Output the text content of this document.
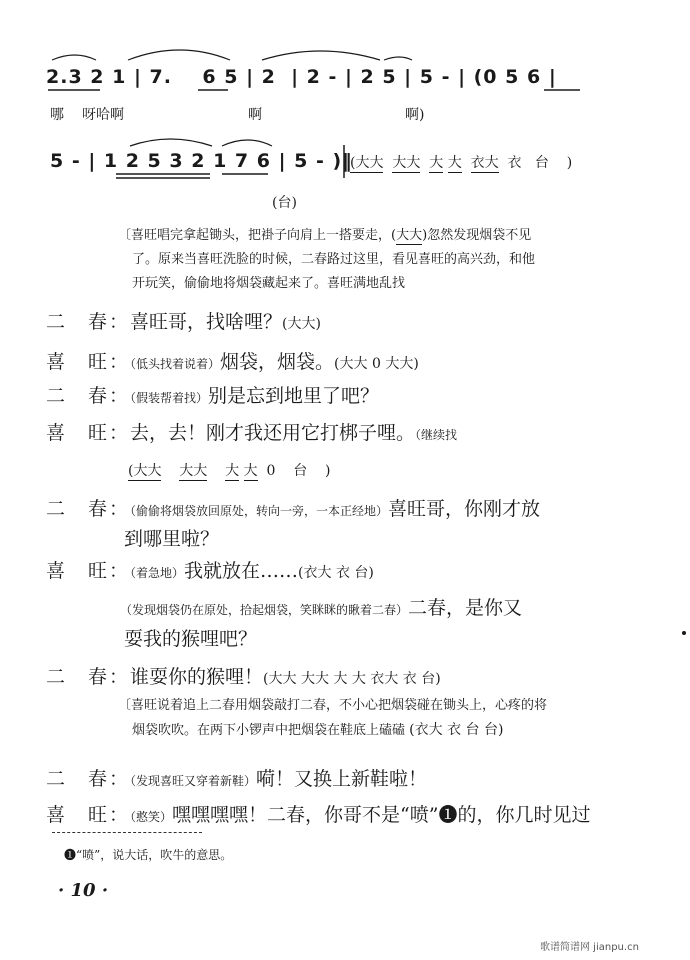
2.3 2 1 | 7.    6 5 | 2  | 2 - | 2 5 | 5 - | (0 5 6 |
哪 呀哈啊	啊	啊)
5 - | 1 2 5 3 2 1 7 6 | 5 - )‖
(大大 大大 大 大 衣大 衣 台 )
(台)
〔喜旺唱完拿起锄头，把褂子向肩上一搭要走，(大大)忽然发现烟袋不见
了。原来当喜旺洗脸的时候，二春路过这里，看见喜旺的高兴劲，和他
开玩笑，偷偷地将烟袋藏起来了。喜旺满地乱找
二　春：喜旺哥，找啥哩？(大大)
喜　旺：（低头找着说着）烟袋，烟袋。(大大 0 大大)
二　春：（假装帮着找）别是忘到地里了吧？
喜　旺：去，去！刚才我还用它打梆子哩。（继续找
(大大 大大 大 大 0 台 )
二　春：（偷偷将烟袋放回原处，转向一旁，一本正经地）喜旺哥，你刚才放
到哪里啦？
喜　旺：（着急地）我就放在……(衣大 衣 台)
（发现烟袋仍在原处，拾起烟袋，笑眯眯的瞅着二春）二春，是你又
耍我的猴哩吧？
二　春：谁耍你的猴哩！(大大 大大 大 大 衣大 衣 台)
〔喜旺说着追上二春用烟袋敲打二春，不小心把烟袋碰在锄头上，心疼的将
烟袋吹吹。在两下小锣声中把烟袋在鞋底上磕磕 (衣大 衣 台 台)
二　春：（发现喜旺又穿着新鞋）嗬！又换上新鞋啦！
喜　旺：（憨笑）嘿嘿嘿嘿！二春，你哥不是“喷”❶的，你几时见过
❶“喷”，说大话，吹牛的意思。
· 10 ·
歌谱简谱网 jianpu.cn
